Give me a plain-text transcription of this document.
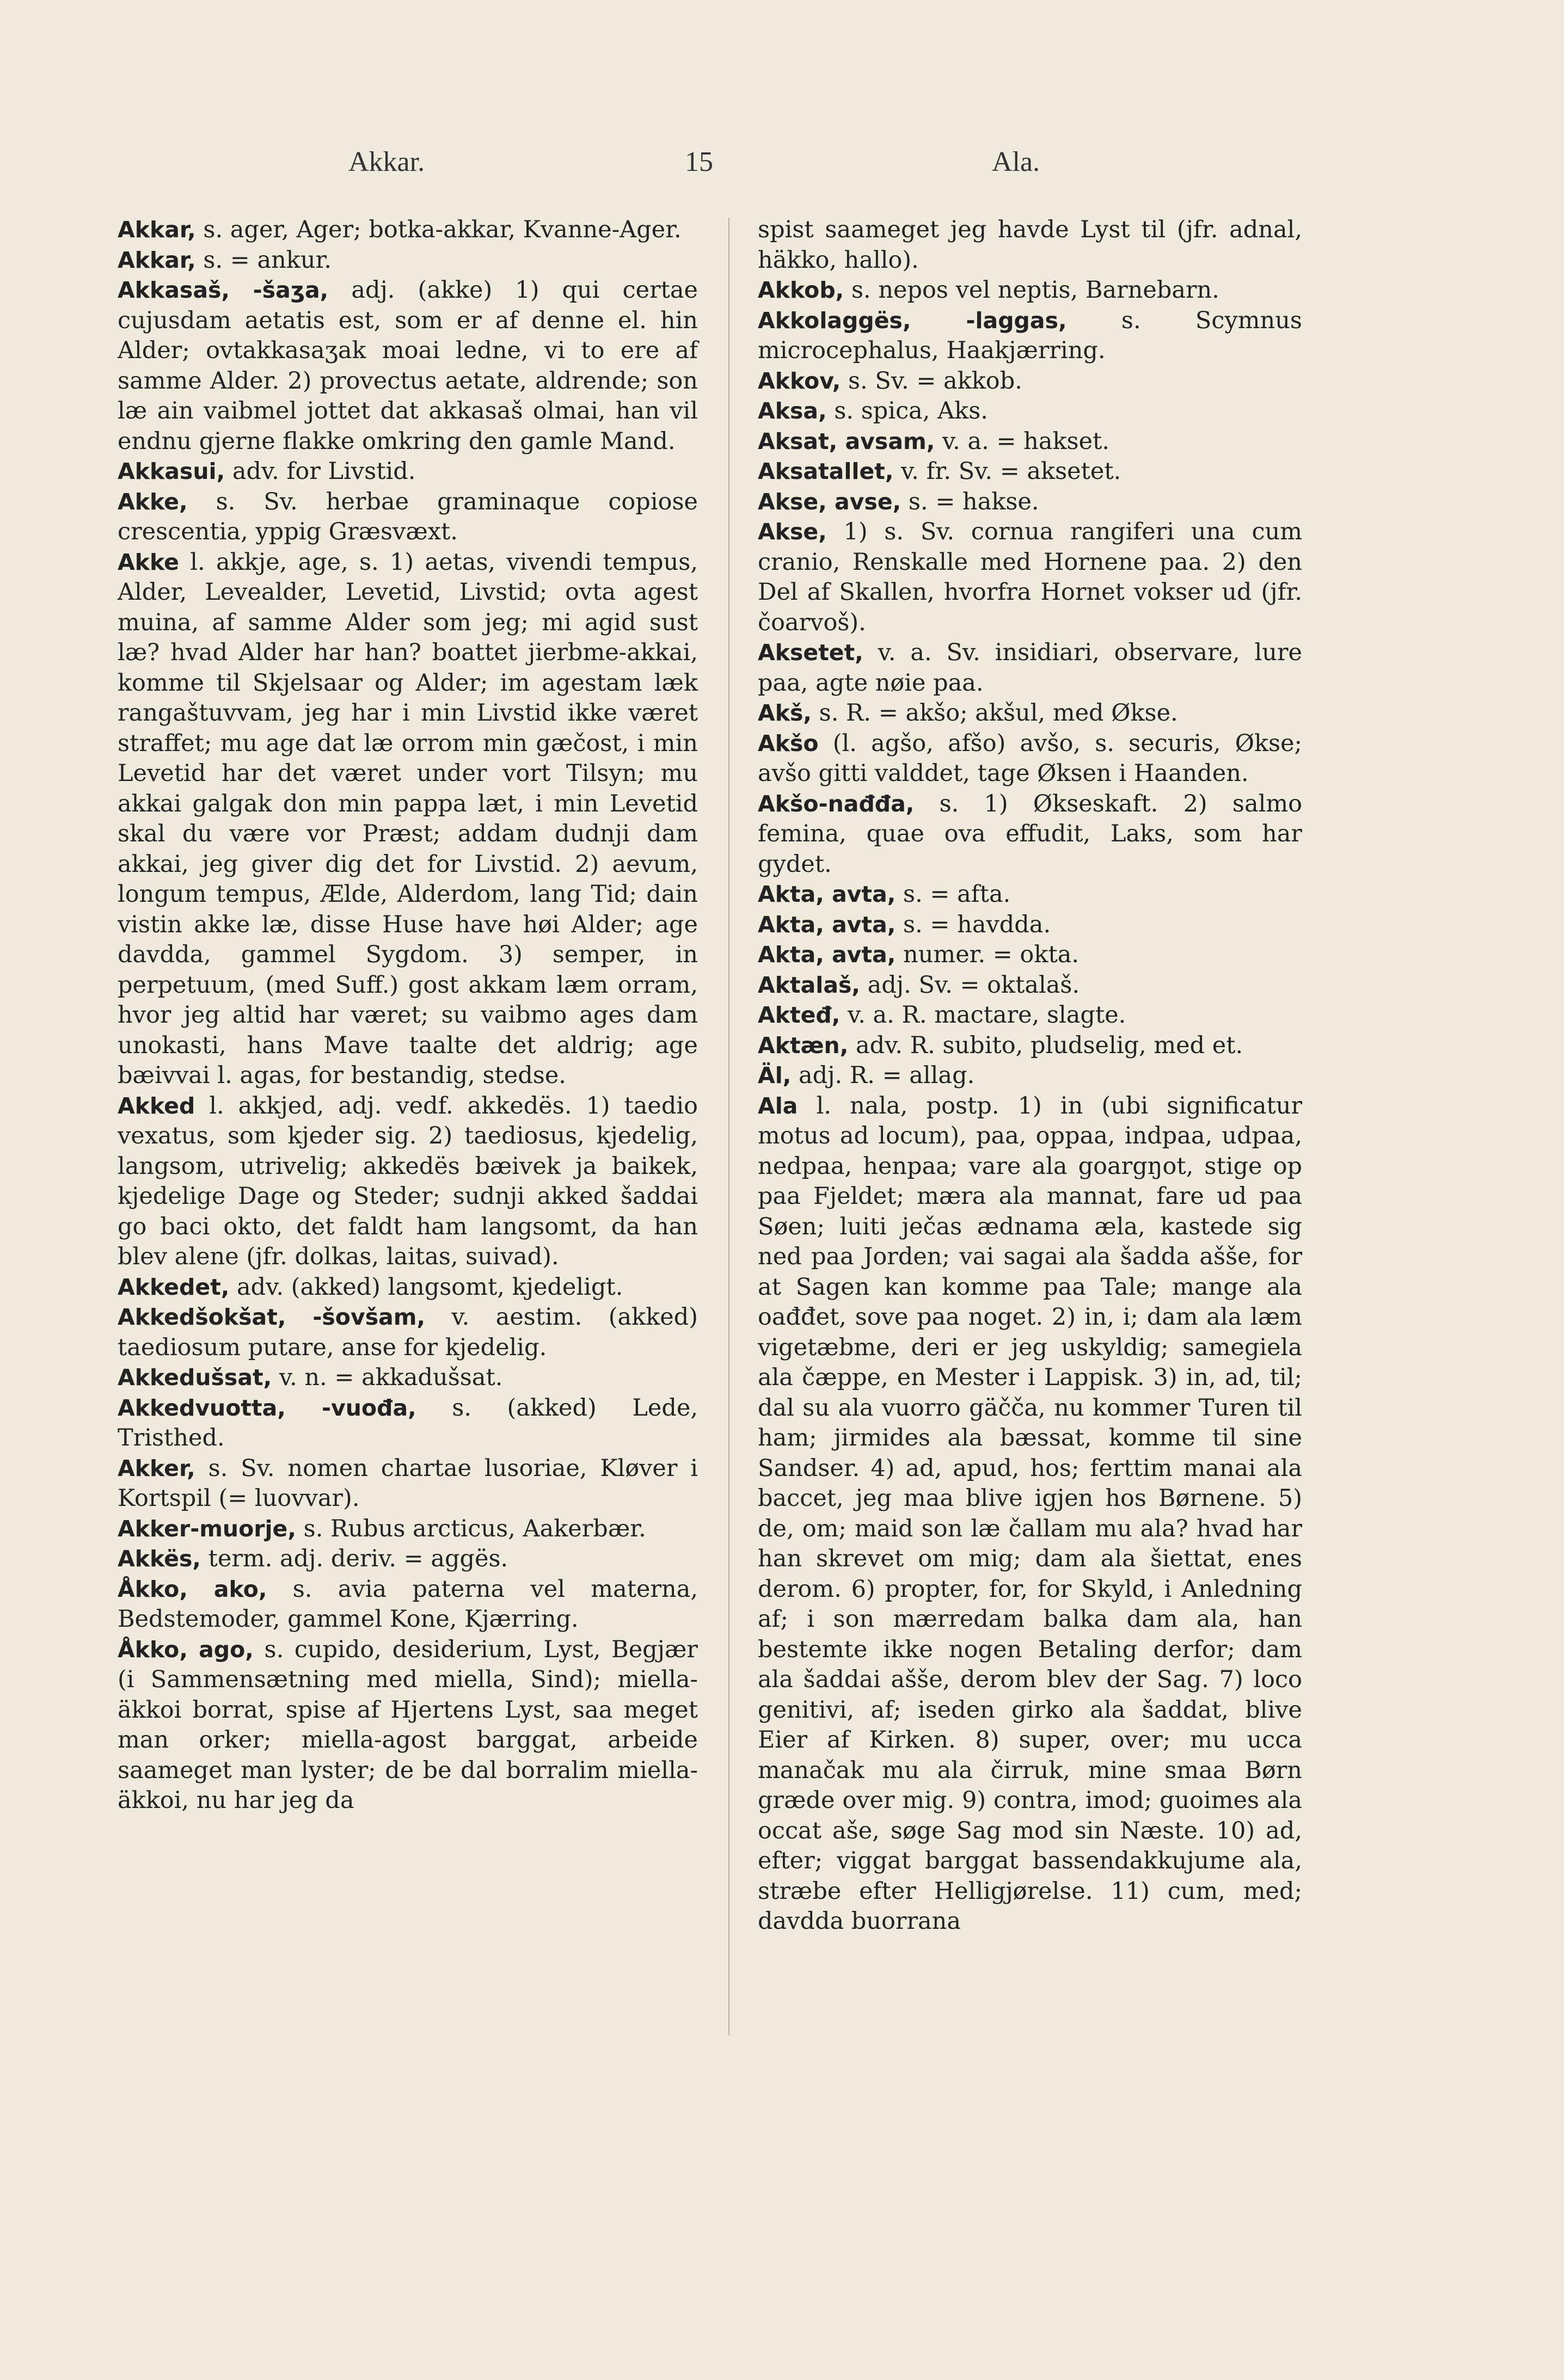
Akkar.	15	Ala.

Akkar, s. ager, Ager; botka-akkar, Kvanne-Ager.

Akkar, s. = ankur.

Akkasaš, -šaӡa, adj. (akke) 1) qui certae cujusdam aetatis est, som er af denne el. hin Alder; ovtakkasaӡak moai ledne, vi to ere af samme Alder. 2) provectus aetate, aldrende; son læ ain vaibmel jottet dat akkasaš olmai, han vil endnu gjerne flakke omkring den gamle Mand.

Akkasui, adv. for Livstid.

Akke, s. Sv. herbae graminaque copiose crescentia, yppig Græsvæxt.

Akke l. akkje, age, s. 1) aetas, vivendi tempus, Alder, Levealder, Levetid, Livstid; ovta agest muina, af samme Alder som jeg; mi agid sust læ? hvad Alder har han? boattet jierbme-akkai, komme til Skjelsaar og Alder; im agestam læk rangaštuvvam, jeg har i min Livstid ikke været straffet; mu age dat læ orrom min gæčost, i min Levetid har det været under vort Tilsyn; mu akkai galgak don min pappa læt, i min Levetid skal du være vor Præst; addam dudnji dam akkai, jeg giver dig det for Livstid. 2) aevum, longum tempus, Ælde, Alderdom, lang Tid; dain vistin akke læ, disse Huse have høi Alder; age davdda, gammel Sygdom. 3) semper, in perpetuum, (med Suff.) gost akkam læm orram, hvor jeg altid har været; su vaibmo ages dam unokasti, hans Mave taalte det aldrig; age bæivvai l. agas, for bestandig, stedse.

Akked l. akkjed, adj. vedf. akkedës. 1) taedio vexatus, som kjeder sig. 2) taediosus, kjedelig, langsom, utrivelig; akkedës bæivek ja baikek, kjedelige Dage og Steder; sudnji akked šaddai go baci okto, det faldt ham langsomt, da han blev alene (jfr. dolkas, laitas, suivad).

Akkedet, adv. (akked) langsomt, kjedeligt.

Akkedšokšat, -šovšam, v. aestim. (akked) taediosum putare, anse for kjedelig.

Akkedušsat, v. n. = akkadušsat.

Akkedvuotta, -vuođa, s. (akked) Lede, Tristhed.

Akker, s. Sv. nomen chartae lusoriae, Kløver i Kortspil (= luovvar).

Akker-muorje, s. Rubus arcticus, Aakerbær.

Akkës, term. adj. deriv. = aggës.

Åkko, ako, s. avia paterna vel materna, Bedstemoder, gammel Kone, Kjærring.

Åkko, ago, s. cupido, desiderium, Lyst, Begjær (i Sammensætning med miella, Sind); miella-äkkoi borrat, spise af Hjertens Lyst, saa meget man orker; miella-agost barggat, arbeide saameget man lyster; de be dal borralim miella-äkkoi, nu har jeg da

spist saameget jeg havde Lyst til (jfr. adnal, häkko, hallo).

Akkob, s. nepos vel neptis, Barnebarn.

Akkolaggës, -laggas, s. Scymnus microcephalus, Haakjærring.

Akkov, s. Sv. = akkob.

Aksa, s. spica, Aks.

Aksat, avsam, v. a. = hakset.

Aksatallet, v. fr. Sv. = aksetet.

Akse, avse, s. = hakse.

Akse, 1) s. Sv. cornua rangiferi una cum cranio, Renskalle med Hornene paa. 2) den Del af Skallen, hvorfra Hornet vokser ud (jfr. čoarvoš).

Aksetet, v. a. Sv. insidiari, observare, lure paa, agte nøie paa.

Akš, s. R. = akšo; akšul, med Økse.

Akšo (l. agšo, afšo) avšo, s. securis, Økse; avšo gitti valddet, tage Øksen i Haanden.

Akšo-nađđa, s. 1) Økseskaft. 2) salmo femina, quae ova effudit, Laks, som har gydet.

Akta, avta, s. = afta.

Akta, avta, s. = havdda.

Akta, avta, numer. = okta.

Aktalaš, adj. Sv. = oktalaš.

Akteđ, v. a. R. mactare, slagte.

Aktæn, adv. R. subito, pludselig, med et.

Äl, adj. R. = allag.

Ala l. nala, postp. 1) in (ubi significatur motus ad locum), paa, oppaa, indpaa, udpaa, nedpaa, henpaa; vare ala goargŋot, stige op paa Fjeldet; mæra ala mannat, fare ud paa Søen; luiti ječas ædnama æla, kastede sig ned paa Jorden; vai sagai ala šadda ašše, for at Sagen kan komme paa Tale; mange ala oađđet, sove paa noget. 2) in, i; dam ala læm vigetæbme, deri er jeg uskyldig; samegiela ala čæppe, en Mester i Lappisk. 3) in, ad, til; dal su ala vuorro gäčča, nu kommer Turen til ham; jirmides ala bæssat, komme til sine Sandser. 4) ad, apud, hos; ferttim manai ala baccet, jeg maa blive igjen hos Børnene. 5) de, om; maid son læ čallam mu ala? hvad har han skrevet om mig; dam ala šiettat, enes derom. 6) propter, for, for Skyld, i Anledning af; i son mærredam balka dam ala, han bestemte ikke nogen Betaling derfor; dam ala šaddai ašše, derom blev der Sag. 7) loco genitivi, af; iseden girko ala šaddat, blive Eier af Kirken. 8) super, over; mu ucca manačak mu ala čirruk, mine smaa Børn græde over mig. 9) contra, imod; guoimes ala occat aše, søge Sag mod sin Næste. 10) ad, efter; viggat barggat bassendakkujume ala, stræbe efter Helligjørelse. 11) cum, med; davdda buorrana
